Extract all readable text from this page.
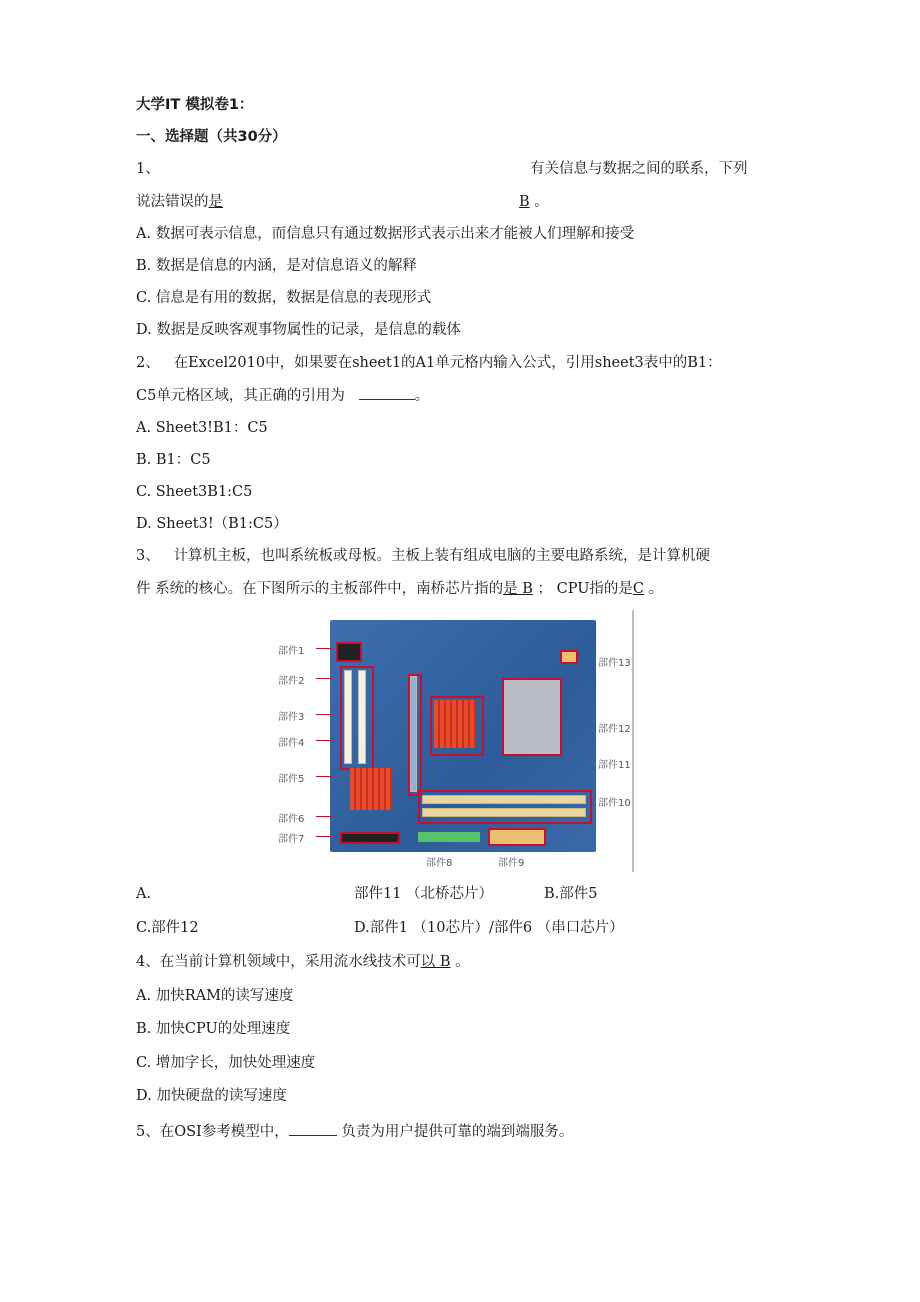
大学IT 模拟卷1：
一、选择题（共30分）
1、	有关信息与数据之间的联系，下列
说法错误的是	B 。
A. 数据可表示信息，而信息只有通过数据形式表示出来才能被人们理解和接受
B. 数据是信息的内涵，是对信息语义的解释
C. 信息是有用的数据，数据是信息的表现形式
D. 数据是反映客观事物属性的记录，是信息的载体
2、 在Excel2010中，如果要在sheet1的A1单元格内输入公式，引用sheet3表中的B1：
C5单元格区域，其正确的引用为	。
A. Sheet3!B1：C5
B. B1：C5
C. Sheet3B1:C5
D. Sheet3!（B1:C5）
3、 计算机主板，也叫系统板或母板。主板上装有组成电脑的主要电路系统，是计算机硬
件 系统的核心。在下图所示的主板部件中，南桥芯片指的是 B ； CPU指的是C 。
部件1
部件2
部件3
部件4
部件5
部件6
部件7
部件13
部件12
部件11
部件10
部件8	部件9
A.	部件11 （北桥芯片）	B.部件5
C.部件12	D.部件1 （10芯片）/部件6 （串口芯片）
4、在当前计算机领域中，采用流水线技术可以 B 。
A. 加快RAM的读写速度
B. 加快CPU的处理速度
C. 增加字长，加快处理速度
D. 加快硬盘的读写速度
5、在OSI参考模型中，	负责为用户提供可靠的端到端服务。
